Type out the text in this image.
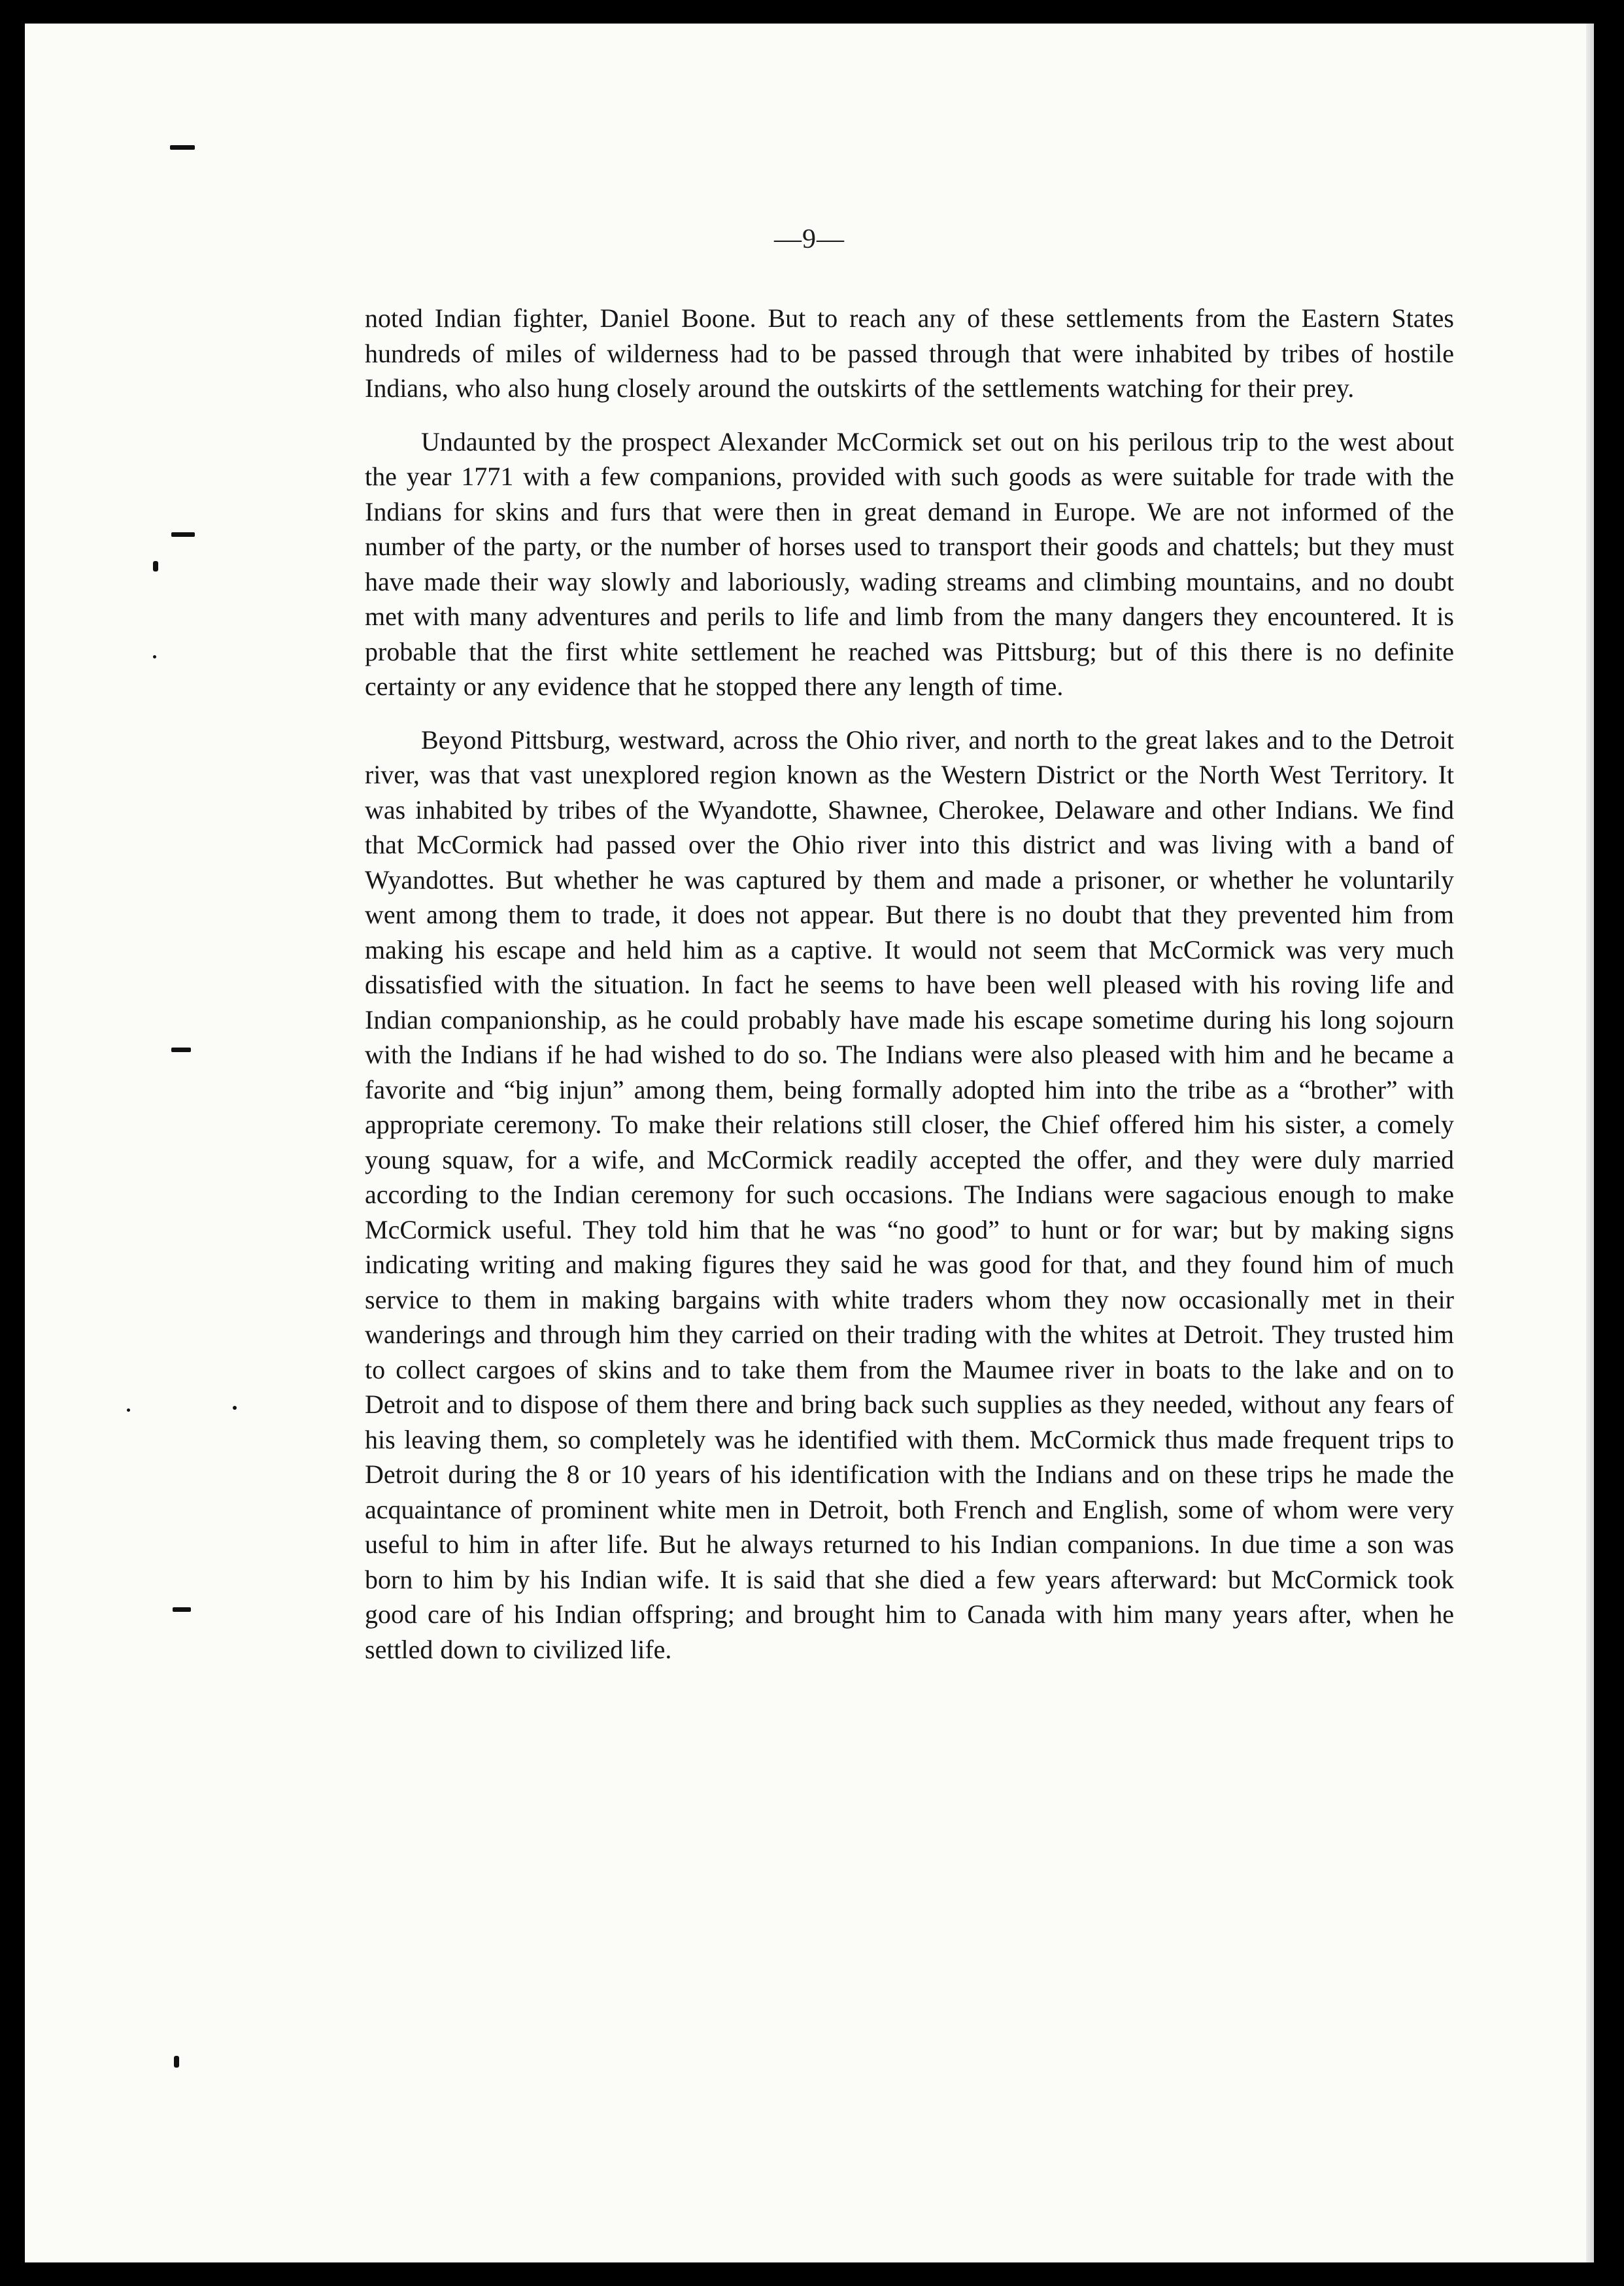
—9—

noted Indian fighter, Daniel Boone. But to reach any of these settlements from the Eastern States hundreds of miles of wilderness had to be passed through that were inhabited by tribes of hostile Indians, who also hung closely around the outskirts of the settlements watching for their prey.

Undaunted by the prospect Alexander McCormick set out on his perilous trip to the west about the year 1771 with a few companions, provided with such goods as were suitable for trade with the Indians for skins and furs that were then in great demand in Europe. We are not informed of the number of the party, or the number of horses used to transport their goods and chattels; but they must have made their way slowly and laboriously, wading streams and climbing mountains, and no doubt met with many adventures and perils to life and limb from the many dangers they encountered. It is probable that the first white settlement he reached was Pittsburg; but of this there is no definite certainty or any evidence that he stopped there any length of time.

Beyond Pittsburg, westward, across the Ohio river, and north to the great lakes and to the Detroit river, was that vast unexplored region known as the Western District or the North West Territory. It was inhabited by tribes of the Wyandotte, Shawnee, Cherokee, Delaware and other Indians. We find that McCormick had passed over the Ohio river into this district and was living with a band of Wyandottes. But whether he was captured by them and made a prisoner, or whether he voluntarily went among them to trade, it does not appear. But there is no doubt that they prevented him from making his escape and held him as a captive. It would not seem that McCormick was very much dissatisfied with the situation. In fact he seems to have been well pleased with his roving life and Indian companionship, as he could probably have made his escape sometime during his long sojourn with the Indians if he had wished to do so. The Indians were also pleased with him and he became a favorite and “big injun” among them, being formally adopted him into the tribe as a “brother” with appropriate ceremony. To make their relations still closer, the Chief offered him his sister, a comely young squaw, for a wife, and McCormick readily accepted the offer, and they were duly married according to the Indian ceremony for such occasions. The Indians were sagacious enough to make McCormick useful. They told him that he was “no good” to hunt or for war; but by making signs indicating writing and making figures they said he was good for that, and they found him of much service to them in making bargains with white traders whom they now occasionally met in their wanderings and through him they carried on their trading with the whites at Detroit. They trusted him to collect cargoes of skins and to take them from the Maumee river in boats to the lake and on to Detroit and to dispose of them there and bring back such supplies as they needed, without any fears of his leaving them, so completely was he identified with them. McCormick thus made frequent trips to Detroit during the 8 or 10 years of his identification with the Indians and on these trips he made the acquaintance of prominent white men in Detroit, both French and English, some of whom were very useful to him in after life. But he always returned to his Indian companions. In due time a son was born to him by his Indian wife. It is said that she died a few years afterward: but McCormick took good care of his Indian offspring; and brought him to Canada with him many years after, when he settled down to civilized life.
